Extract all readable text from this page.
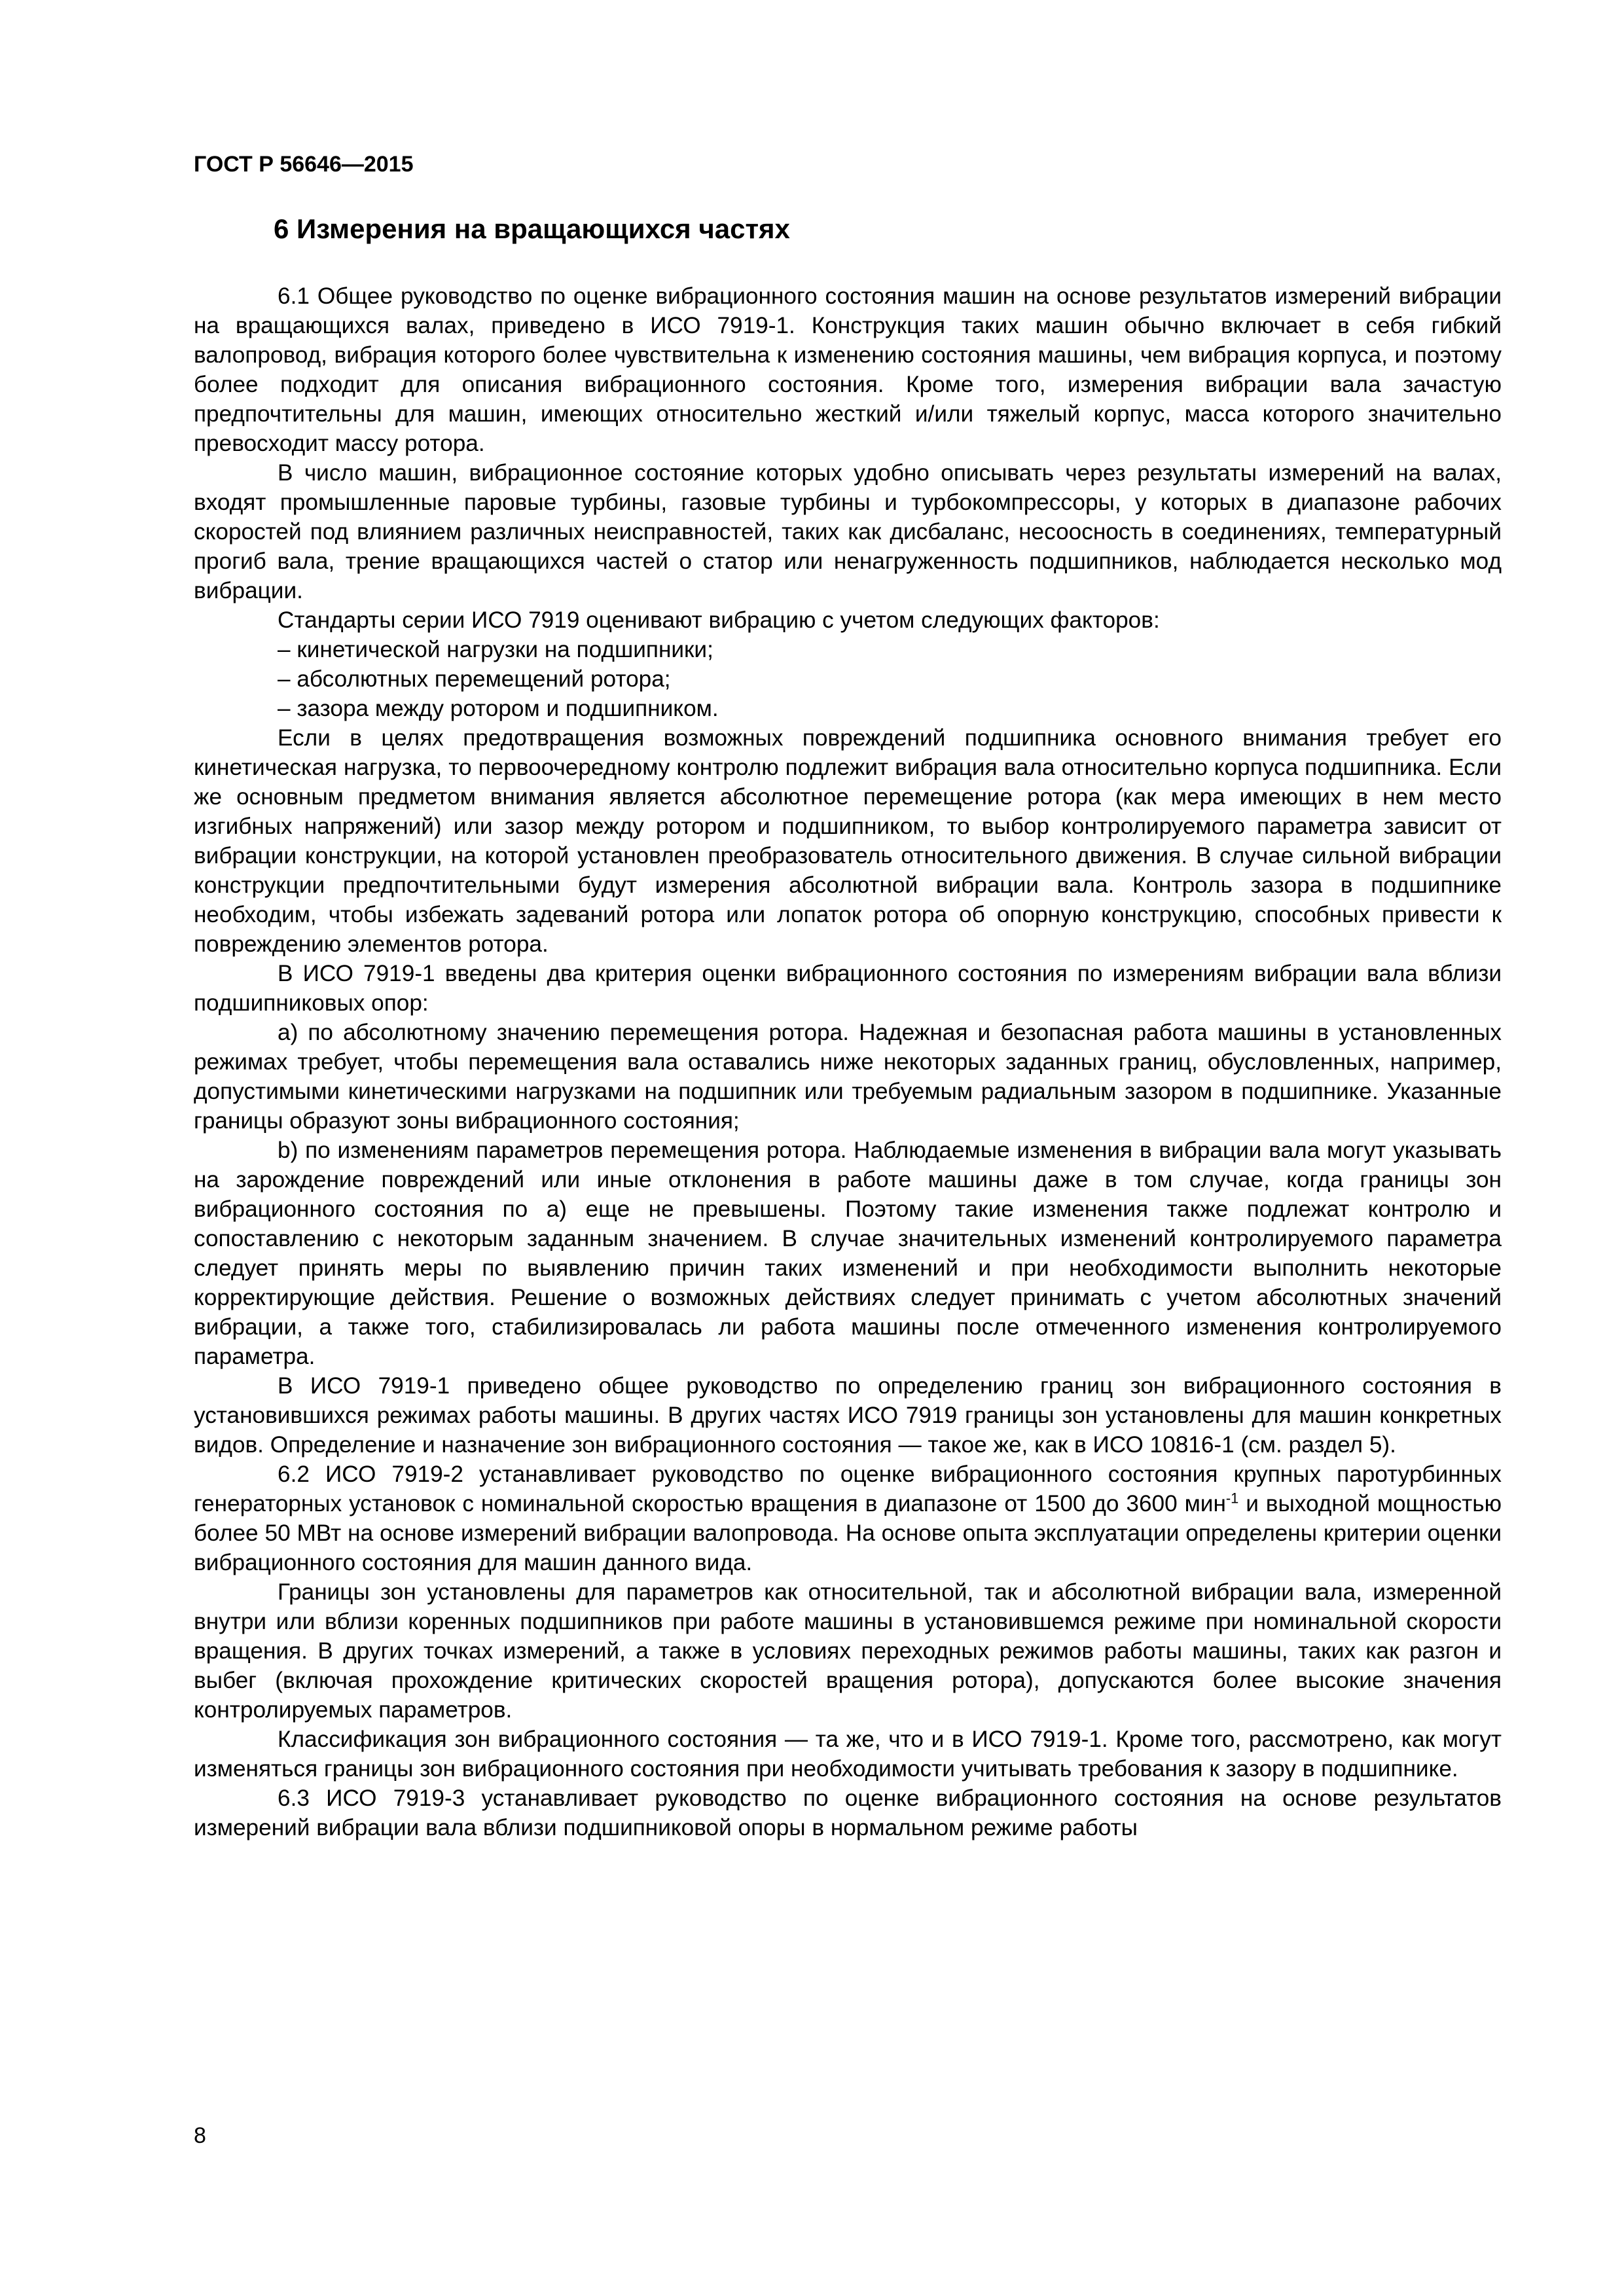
ГОСТ Р 56646—2015
6 Измерения на вращающихся частях

6.1 Общее руководство по оценке вибрационного состояния машин на основе результатов измерений вибрации на вращающихся валах, приведено в ИСО 7919-1. Конструкция таких машин обычно включает в себя гибкий валопровод, вибрация которого более чувствительна к изменению состояния машины, чем вибрация корпуса, и поэтому более подходит для описания вибрационного состояния. Кроме того, измерения вибрации вала зачастую предпочтительны для машин, имеющих относительно жесткий и/или тяжелый корпус, масса которого значительно превосходит массу ротора.

В число машин, вибрационное состояние которых удобно описывать через результаты измерений на валах, входят промышленные паровые турбины, газовые турбины и турбокомпрессоры, у которых в диапазоне рабочих скоростей под влиянием различных неисправностей, таких как дисбаланс, несоосность в соединениях, температурный прогиб вала, трение вращающихся частей о статор или ненагруженность подшипников, наблюдается несколько мод вибрации.

Стандарты серии ИСО 7919 оценивают вибрацию с учетом следующих факторов:

– кинетической нагрузки на подшипники;

– абсолютных перемещений ротора;

– зазора между ротором и подшипником.

Если в целях предотвращения возможных повреждений подшипника основного внимания требует его кинетическая нагрузка, то первоочередному контролю подлежит вибрация вала относительно корпуса подшипника. Если же основным предметом внимания является абсолютное перемещение ротора (как мера имеющих в нем место изгибных напряжений) или зазор между ротором и подшипником, то выбор контролируемого параметра зависит от вибрации конструкции, на которой установлен преобразователь относительного движения. В случае сильной вибрации конструкции предпочтительными будут измерения абсолютной вибрации вала. Контроль зазора в подшипнике необходим, чтобы избежать задеваний ротора или лопаток ротора об опорную конструкцию, способных привести к повреждению элементов ротора.

В ИСО 7919-1 введены два критерия оценки вибрационного состояния по измерениям вибрации вала вблизи подшипниковых опор:

a) по абсолютному значению перемещения ротора. Надежная и безопасная работа машины в установленных режимах требует, чтобы перемещения вала оставались ниже некоторых заданных границ, обусловленных, например, допустимыми кинетическими нагрузками на подшипник или требуемым радиальным зазором в подшипнике. Указанные границы образуют зоны вибрационного состояния;

b) по изменениям параметров перемещения ротора. Наблюдаемые изменения в вибрации вала могут указывать на зарождение повреждений или иные отклонения в работе машины даже в том случае, когда границы зон вибрационного состояния по а) еще не превышены. Поэтому такие изменения также подлежат контролю и сопоставлению с некоторым заданным значением. В случае значительных изменений контролируемого параметра следует принять меры по выявлению причин таких изменений и при необходимости выполнить некоторые корректирующие действия. Решение о возможных действиях следует принимать с учетом абсолютных значений вибрации, а также того, стабилизировалась ли работа машины после отмеченного изменения контролируемого параметра.

В ИСО 7919-1 приведено общее руководство по определению границ зон вибрационного состояния в установившихся режимах работы машины. В других частях ИСО 7919 границы зон установлены для машин конкретных видов. Определение и назначение зон вибрационного состояния — такое же, как в ИСО 10816-1 (см. раздел 5).

6.2 ИСО 7919-2 устанавливает руководство по оценке вибрационного состояния крупных паротурбинных генераторных установок с номинальной скоростью вращения в диапазоне от 1500 до 3600 мин$^{-1}$ и выходной мощностью более 50 МВт на основе измерений вибрации валопровода. На основе опыта эксплуатации определены критерии оценки вибрационного состояния для машин данного вида.

Границы зон установлены для параметров как относительной, так и абсолютной вибрации вала, измеренной внутри или вблизи коренных подшипников при работе машины в установившемся режиме при номинальной скорости вращения. В других точках измерений, а также в условиях переходных режимов работы машины, таких как разгон и выбег (включая прохождение критических скоростей вращения ротора), допускаются более высокие значения контролируемых параметров.

Классификация зон вибрационного состояния — та же, что и в ИСО 7919-1. Кроме того, рассмотрено, как могут изменяться границы зон вибрационного состояния при необходимости учитывать требования к зазору в подшипнике.

6.3 ИСО 7919-3 устанавливает руководство по оценке вибрационного состояния на основе результатов измерений вибрации вала вблизи подшипниковой опоры в нормальном режиме работы

8
